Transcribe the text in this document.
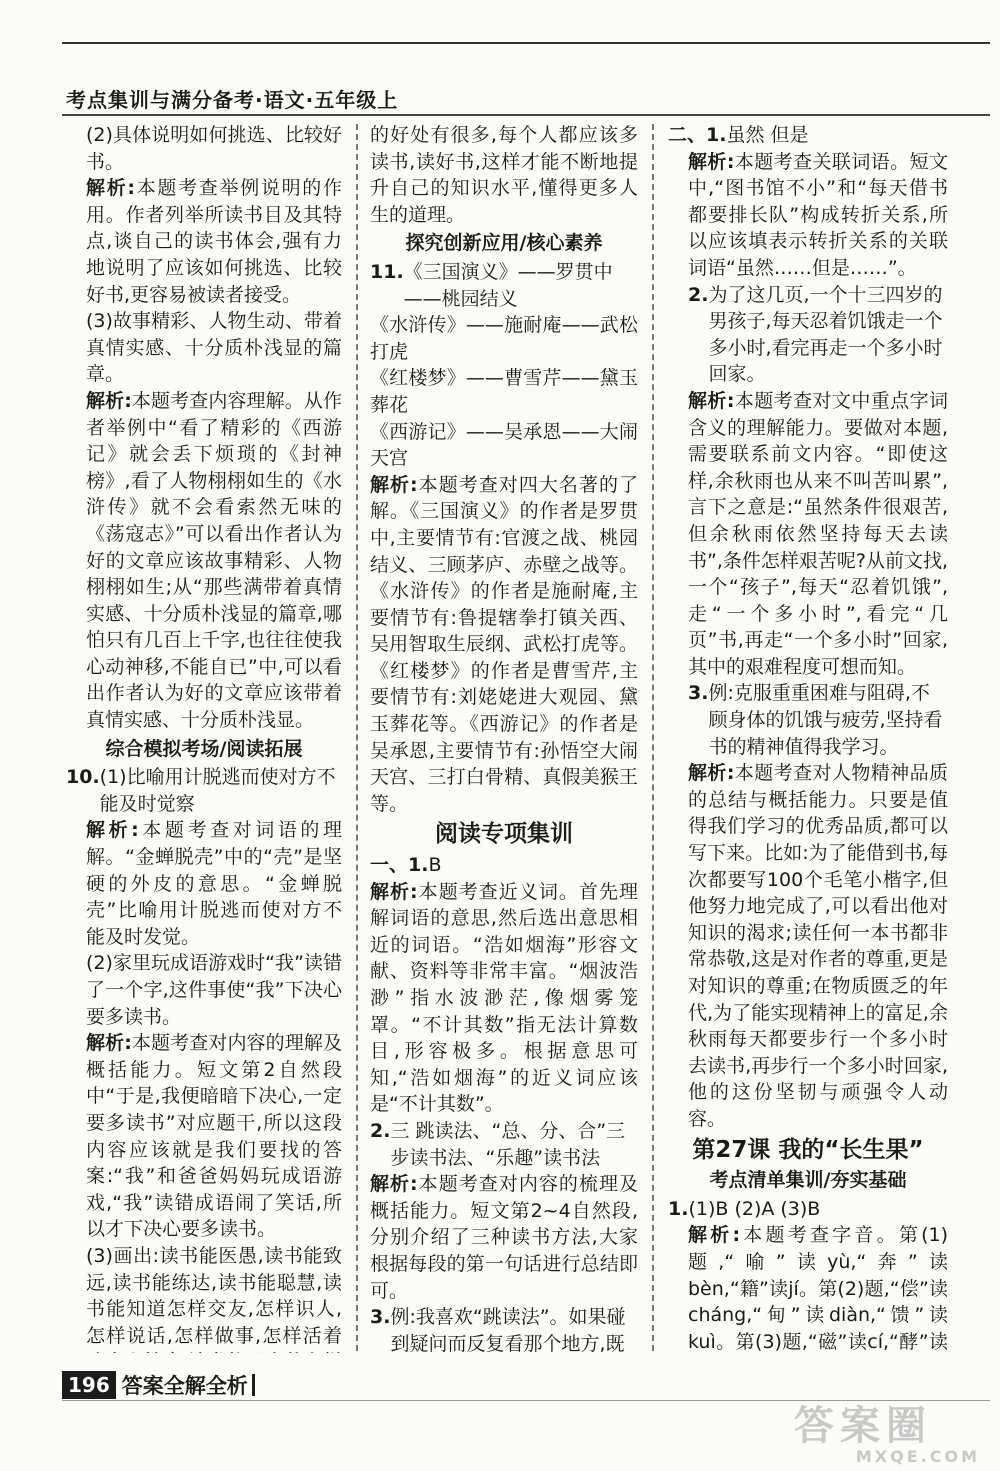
考点集训与满分备考·语文·五年级上

(2)具体说明如何挑选、比较好书。

解析:本题考查举例说明的作用。作者列举所读书目及其特点,谈自己的读书体会,强有力地说明了应该如何挑选、比较好书,更容易被读者接受。

(3)故事精彩、人物生动、带着真情实感、十分质朴浅显的篇章。

解析:本题考查内容理解。从作者举例中“看了精彩的《西游记》就会丢下烦琐的《封神榜》,看了人物栩栩如生的《水浒传》就不会看索然无味的《荡寇志》”可以看出作者认为好的文章应该故事精彩、人物栩栩如生;从“那些满带着真情实感、十分质朴浅显的篇章,哪怕只有几百上千字,也往往使我心动神移,不能自已”中,可以看出作者认为好的文章应该带着真情实感、十分质朴浅显。

综合模拟考场/阅读拓展
10. (1)比喻用计脱逃而使对方不能及时觉察

解析:本题考查对词语的理解。“金蝉脱壳”中的“壳”是坚硬的外皮的意思。“金蝉脱壳”比喻用计脱逃而使对方不能及时发觉。

(2)家里玩成语游戏时“我”读错了一个字,这件事使“我”下决心要多读书。

解析:本题考查对内容的理解及概括能力。短文第2自然段中“于是,我便暗暗下决心,一定要多读书”对应题干,所以这段内容应该就是我们要找的答案:“我”和爸爸妈妈玩成语游戏,“我”读错成语闹了笑话,所以才下决心要多读书。

(3)画出:读书能医愚,读书能致远,读书能练达,读书能聪慧,读书能知道怎样交友,怎样识人,怎样说话,怎样做事,怎样活着

的好处有很多,每个人都应该多读书,读好书,这样才能不断地提升自己的知识水平,懂得更多人生的道理。

探究创新应用/核心素养
11. 《三国演义》——罗贯中——桃园结义

《水浒传》——施耐庵——武松打虎

《红楼梦》——曹雪芹——黛玉葬花

《西游记》——吴承恩——大闹天宫

解析:本题考查对四大名著的了解。《三国演义》的作者是罗贯中,主要情节有:官渡之战、桃园结义、三顾茅庐、赤壁之战等。《水浒传》的作者是施耐庵,主要情节有:鲁提辖拳打镇关西、吴用智取生辰纲、武松打虎等。《红楼梦》的作者是曹雪芹,主要情节有:刘姥姥进大观园、黛玉葬花等。《西游记》的作者是吴承恩,主要情节有:孙悟空大闹天宫、三打白骨精、真假美猴王等。

阅读专项集训
一、1. B

解析:本题考查近义词。首先理解词语的意思,然后选出意思相近的词语。“浩如烟海”形容文献、资料等非常丰富。“烟波浩渺”指水波渺茫,像烟雾笼罩。“不计其数”指无法计算数目,形容极多。根据意思可知,“浩如烟海”的近义词应该是“不计其数”。

2. 三 跳读法、“总、分、合”三步读书法、“乐趣”读书法

解析:本题考查对内容的梳理及概括能力。短文第2~4自然段,分别介绍了三种读书方法,大家根据每段的第一句话进行总结即可。

3. 例:我喜欢“跳读法”。如果碰到疑问而反复看那个地方,既

二、1. 虽然 但是

解析:本题考查关联词语。短文中,“图书馆不小”和“每天借书都要排长队”构成转折关系,所以应该填表示转折关系的关联词语“虽然……但是……”。

2. 为了这几页,一个十三四岁的男孩子,每天忍着饥饿走一个多小时,看完再走一个多小时回家。

解析:本题考查对文中重点字词含义的理解能力。要做对本题,需要联系前文内容。“即使这样,余秋雨也从来不叫苦叫累”,言下之意是:“虽然条件很艰苦,但余秋雨依然坚持每天去读书”,条件怎样艰苦呢?从前文找,一个“孩子”,每天“忍着饥饿”,走“一个多小时”,看完“几页”书,再走“一个多小时”回家,其中的艰难程度可想而知。

3. 例:克服重重困难与阻碍,不顾身体的饥饿与疲劳,坚持看书的精神值得我学习。

解析:本题考查对人物精神品质的总结与概括能力。只要是值得我们学习的优秀品质,都可以写下来。比如:为了能借到书,每次都要写100个毛笔小楷字,但他努力地完成了,可以看出他对知识的渴求;读任何一本书都非常恭敬,这是对作者的尊重,更是对知识的尊重;在物质匮乏的年代,为了能实现精神上的富足,余秋雨每天都要步行一个多小时去读书,再步行一个多小时回家,他的这份坚韧与顽强令人动容。

第27课 我的“长生果”
考点清单集训/夯实基础
1. (1)B (2)A (3)B

解析:本题考查字音。第(1)题,“喻”读yù,“奔”读bèn,“籍”读jí。第(2)题,“偿”读cháng,“甸”读diàn,“馈”读kuì。第(3)题,“磁”读cí,“酵”读

196 答案全解全析
答案圈
MXQE.COM
